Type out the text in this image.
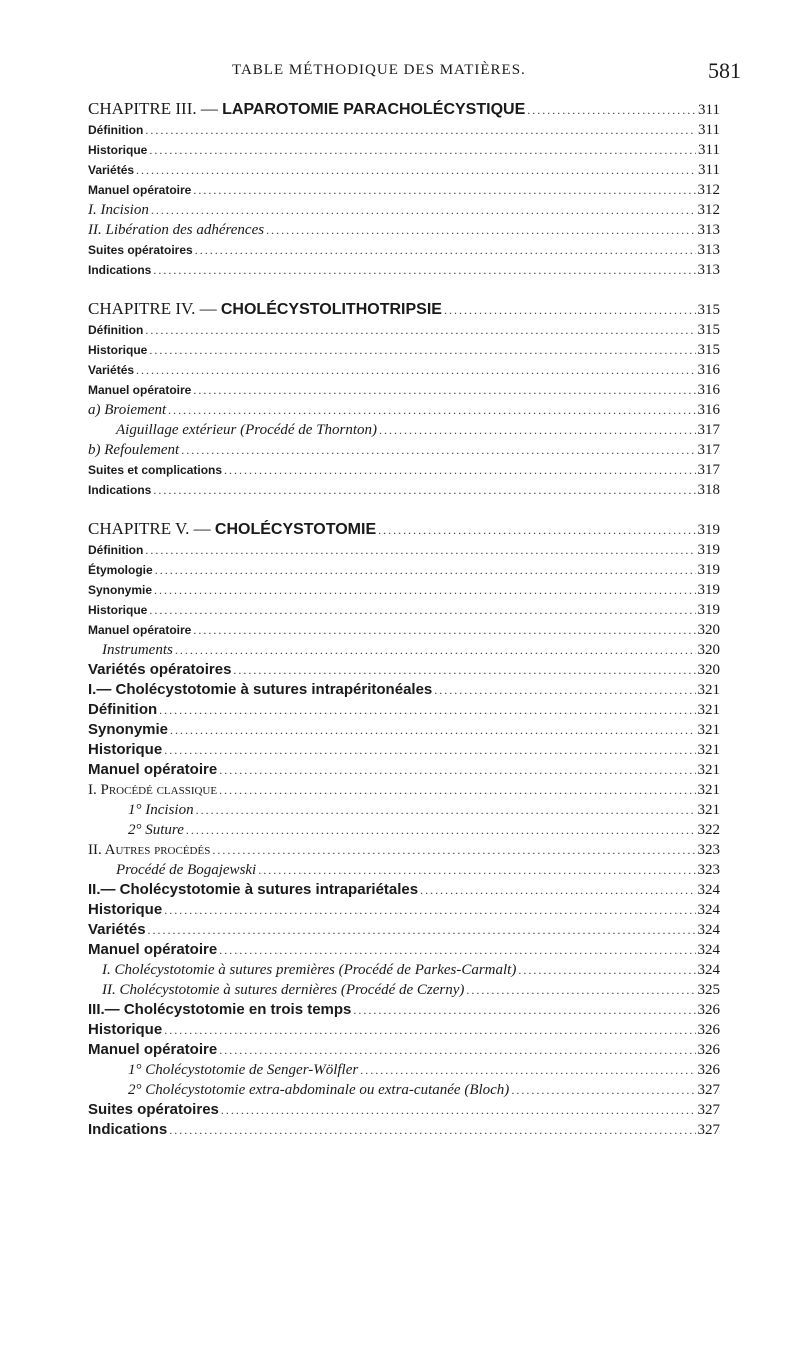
TABLE MÉTHODIQUE DES MATIÈRES.	581
CHAPITRE III. — LAPAROTOMIE PARACHOLÉCYSTIQUE .....	311
Définition .....	311
Historique .....	311
Variétés .....	311
Manuel opératoire .....	312
I. Incision .....	312
II. Libération des adhérences .....	313
Suites opératoires .....	313
Indications .....	313
CHAPITRE IV. — CHOLÉCYSTOLITHOTRIPSIE .....	315
Définition .....	315
Historique .....	315
Variétés .....	316
Manuel opératoire .....	316
a) Broiement .....	316
Aiguillage extérieur (Procédé de Thornton) .....	317
b) Refoulement .....	317
Suites et complications .....	317
Indications .....	318
CHAPITRE V. — CHOLÉCYSTOTOMIE .....	319
Définition .....	319
Étymologie .....	319
Synonymie .....	319
Historique .....	319
Manuel opératoire .....	320
Instruments .....	320
Variétés opératoires .....	320
I.— Cholécystotomie à sutures intrapéritonéales .....	321
Définition .....	321
Synonymie .....	321
Historique .....	321
Manuel opératoire .....	321
I. Procédé classique .....	321
1° Incision .....	321
2° Suture .....	322
II. Autres procédés .....	323
Procédé de Bogajewski .....	323
II.— Cholécystotomie à sutures intrapariétales .....	324
Historique .....	324
Variétés .....	324
Manuel opératoire .....	324
I. Cholécystotomie à sutures premières (Procédé de Parkes-Carmalt) .....	324
II. Cholécystotomie à sutures dernières (Procédé de Czerny) .....	325
III.— Cholécystotomie en trois temps .....	326
Historique .....	326
Manuel opératoire .....	326
1° Cholécystotomie de Senger-Wölfler .....	326
2° Cholécystotomie extra-abdominale ou extra-cutanée (Bloch) .....	327
Suites opératoires .....	327
Indications .....	327
